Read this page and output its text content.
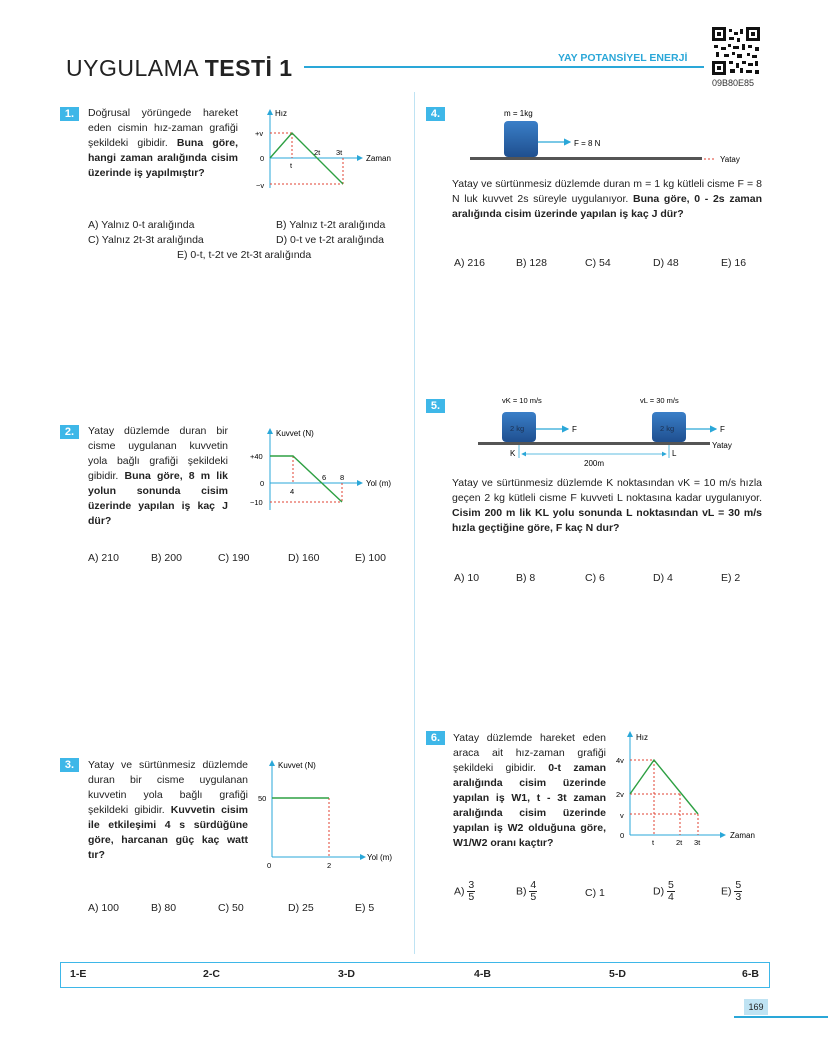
UYGULAMA TESTİ 1	YAY POTANSİYEL ENERJİ
09B80E85
1.	Doğrusal yörüngede hareket eden cismin hız-zaman grafiği şekildeki gibidir. Buna göre, hangi zaman aralığında cisim üzerinde iş yapılmıştır?
Hız
Zaman
+v
0
−v
t
2t 3t
A) Yalnız 0-t aralığında	B) Yalnız t-2t aralığında
C) Yalnız 2t-3t aralığında	D) 0-t ve t-2t aralığında
E) 0-t, t-2t ve 2t-3t aralığında
2.	Yatay düzlemde duran bir cisme uygulanan kuvvetin yola bağlı grafiği şekildeki gibidir. Buna göre, 8 m lik yolun sonunda cisim üzerinde yapılan iş kaç J dür?
Kuvvet (N)
Yol (m)
+40
0
−10
4
6 8
A) 210	B) 200	C) 190	D) 160	E) 100
3.	Yatay ve sürtünmesiz düzlemde duran bir cisme uygulanan kuvvetin yola bağlı grafiği şekildeki gibidir. Kuvvetin cisim ile etkileşimi 4 s sürdüğüne göre, harcanan güç kaç watt tır?
Kuvvet (N)
Yol (m)
50
0	2
A) 100	B) 80	C) 50	D) 25	E) 5
4.	m = 1kg
F = 8 N
Yatay
Yatay ve sürtünmesiz düzlemde duran m = 1 kg kütleli cisme F = 8 N luk kuvvet 2s süreyle uygulanıyor. Buna göre, 0 - 2s zaman aralığında cisim üzerinde yapılan iş kaç J dür?
A) 216	B) 128	C) 54	D) 48	E) 16
5.	vK = 10 m/s	vL = 30 m/s
2 kg	F	2 kg	F
Yatay
K	L
200m
Yatay ve sürtünmesiz düzlemde K noktasından vK = 10 m/s hızla geçen 2 kg kütleli cisme F kuvveti L noktasına kadar uygulanıyor. Cisim 200 m lik KL yolu sonunda L noktasından vL = 30 m/s hızla geçtiğine göre, F kaç N dur?
A) 10	B) 8	C) 6	D) 4	E) 2
6.	Yatay düzlemde hareket eden araca ait hız-zaman grafiği şekildeki gibidir. 0-t zaman aralığında cisim üzerinde yapılan iş W1, t - 3t zaman aralığında cisim üzerinde yapılan iş W2 olduğuna göre, W1/W2 oranı kaçtır?
Hız
Zaman
4v
2v
v
0
t	2t 3t
$A) \frac{3}{5}$	$B) \frac{4}{5}$	C) 1	$D) \frac{5}{4}$	$E) \frac{5}{3}$
1-E	2-C	3-D	4-B	5-D	6-B
169
